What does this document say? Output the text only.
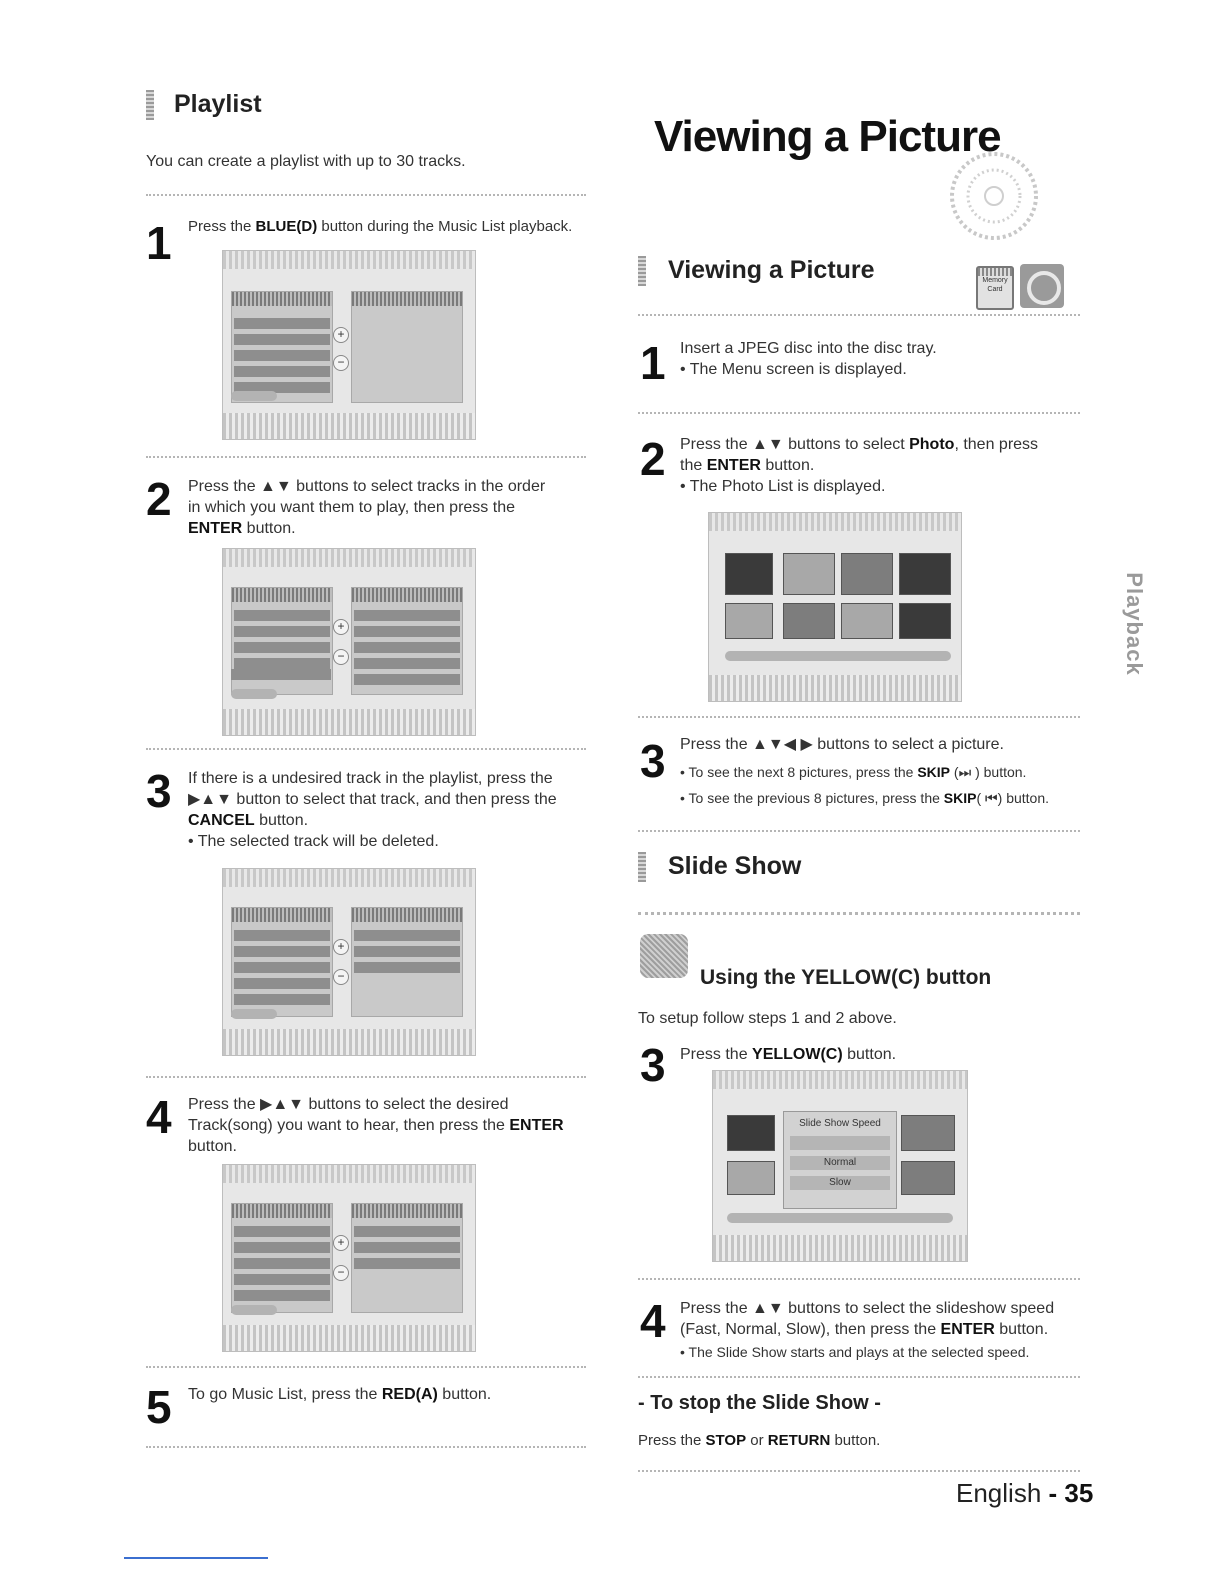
Playlist
You can create a playlist with up to 30 tracks.
1 Press the BLUE(D) button during the Music List playback.
+
−
2 Press the ▲▼ buttons to select tracks in the order
in which you want them to play, then press the
ENTER button.
+
−
3 If there is a undesired track in the playlist, press the
▶▲▼ button to select that track, and then press the
CANCEL button.
• The selected track will be deleted.
+
−
4 Press the ▶▲▼ buttons to select the desired
Track(song) you want to hear, then press the ENTER
button.
+
−
5 To go Music List, press the RED(A) button.
Viewing a Picture
Viewing a Picture	Memory Card
1 Insert a JPEG disc into the disc tray.
• The Menu screen is displayed.
2 Press the ▲▼ buttons to select Photo, then press
the ENTER button.
• The Photo List is displayed.
3 Press the ▲▼◀ ▶ buttons to select a picture.
• To see the next 8 pictures, press the SKIP (⏭ ) button.
• To see the previous 8 pictures, press the SKIP( ⏮) button.
Slide Show
Using the YELLOW(C) button
To setup follow steps 1 and 2 above.
3 Press the YELLOW(C) button.
Slide Show Speed
Normal
Slow
4 Press the ▲▼ buttons to select the slideshow speed
(Fast, Normal, Slow), then press the ENTER button.
• The Slide Show starts and plays at the selected speed.
- To stop the Slide Show -
Press the STOP or RETURN button.
Playback
English - 35
